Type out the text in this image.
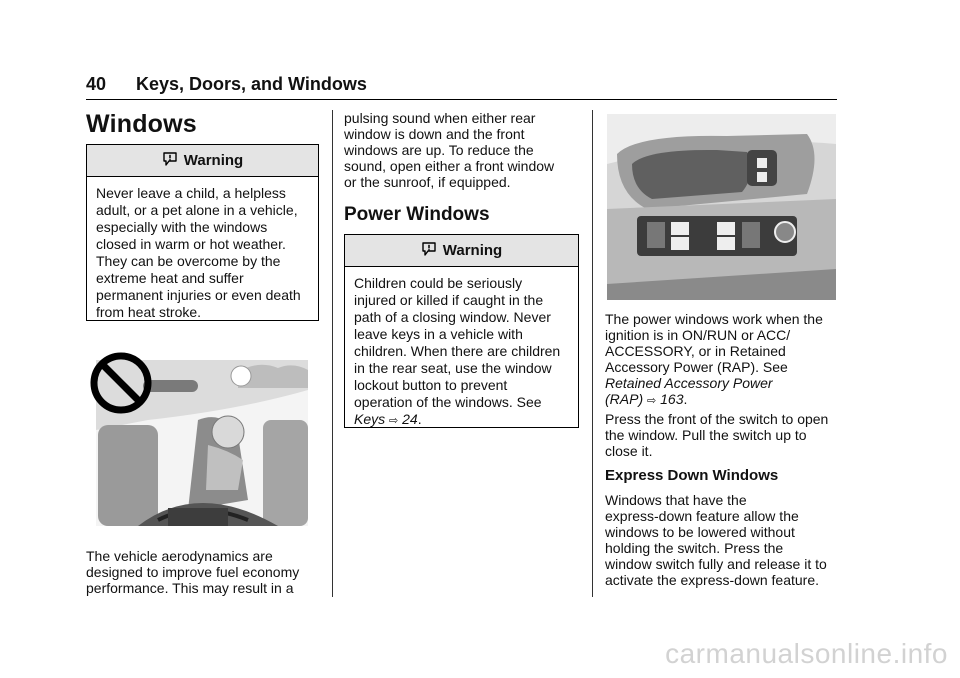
40 Keys, Doors, and Windows
Windows
Warning
Never leave a child, a helpless
adult, or a pet alone in a vehicle,
especially with the windows
closed in warm or hot weather.
They can be overcome by the
extreme heat and suffer
permanent injuries or even death
from heat stroke.
The vehicle aerodynamics are
designed to improve fuel economy
performance. This may result in a
pulsing sound when either rear
window is down and the front
windows are up. To reduce the
sound, open either a front window
or the sunroof, if equipped.
Power Windows
Warning
Children could be seriously
injured or killed if caught in the
path of a closing window. Never
leave keys in a vehicle with
children. When there are children
in the rear seat, use the window
lockout button to prevent
operation of the windows. See
Keys ⇨ 24.
The power windows work when the
ignition is in ON/RUN or ACC/
ACCESSORY, or in Retained
Accessory Power (RAP). See
Retained Accessory Power
(RAP) ⇨ 163.
Press the front of the switch to open
the window. Pull the switch up to
close it.
Express Down Windows
Windows that have the
express-down feature allow the
windows to be lowered without
holding the switch. Press the
window switch fully and release it to
activate the express-down feature.
carmanualsonline.info
